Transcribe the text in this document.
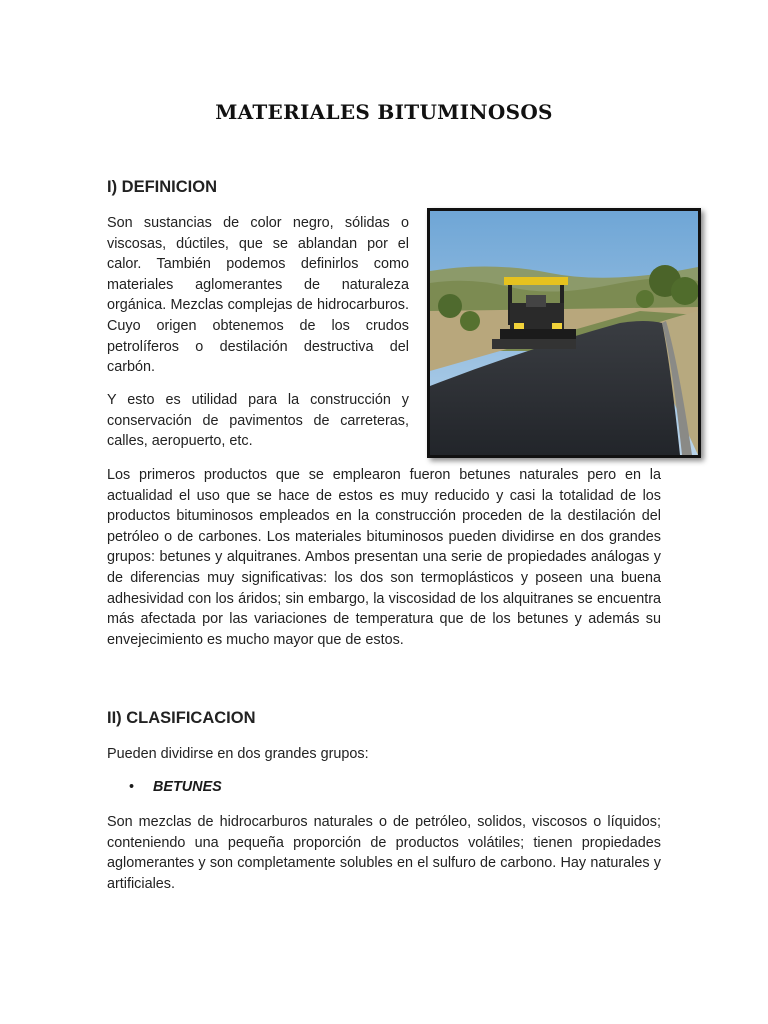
MATERIALES BITUMINOSOS
I) DEFINICION
Son sustancias de color negro, sólidas o viscosas, dúctiles, que se ablandan por el calor. También podemos definirlos como materiales aglomerantes de naturaleza orgánica. Mezclas complejas de hidrocarburos. Cuyo origen obtenemos de los crudos petrolíferos o destilación destructiva del carbón.
Y esto es utilidad para la construcción y conservación de pavimentos de carreteras, calles, aeropuerto, etc.
Los primeros productos que se emplearon fueron betunes naturales pero en la actualidad el uso que se hace de estos es muy reducido y casi la totalidad de los productos bituminosos empleados en la construcción proceden de la destilación del petróleo o de carbones. Los materiales bituminosos pueden dividirse en dos grandes grupos: betunes y alquitranes. Ambos presentan una serie de propiedades análogas y de diferencias muy significativas: los dos son termoplásticos y poseen una buena adhesividad con los áridos; sin embargo, la viscosidad de los alquitranes se encuentra más afectada por las variaciones de temperatura que de los betunes y además su envejecimiento es mucho mayor que de estos.
II) CLASIFICACION
Pueden dividirse en dos grandes grupos:
• BETUNES
Son mezclas de hidrocarburos naturales o de petróleo, solidos, viscosos o líquidos; conteniendo una pequeña proporción de productos volátiles; tienen propiedades aglomerantes y son completamente solubles en el sulfuro de carbono. Hay naturales y artificiales.
